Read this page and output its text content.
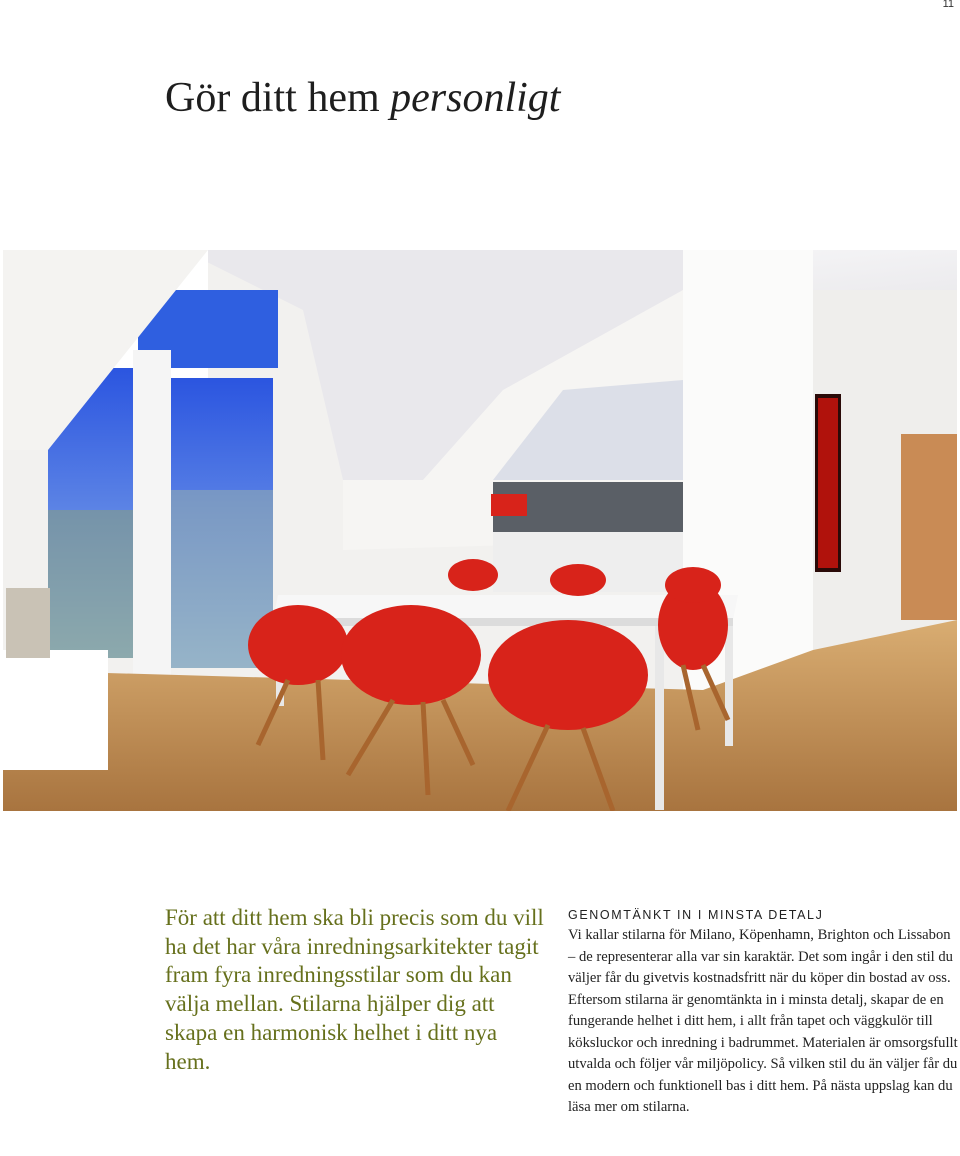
11
Gör ditt hem personligt

För att ditt hem ska bli precis som du vill ha det har våra inredningsarkitekter tagit fram fyra inredningsstilar som du kan välja mellan. Stilarna hjälper dig att skapa en harmonisk helhet i ditt nya hem.

GENOMTÄNKT IN I MINSTA DETALJ

Vi kallar stilarna för Milano, Köpenhamn, Brighton och Lissabon – de representerar alla var sin karaktär. Det som ingår i den stil du väljer får du givetvis kostnadsfritt när du köper din bostad av oss. Eftersom stilarna är genomtänkta in i minsta detalj, skapar de en fungerande helhet i ditt hem, i allt från tapet och väggkulör till köksluckor och inredning i badrummet. Materialen är omsorgsfullt utvalda och följer vår miljöpolicy. Så vilken stil du än väljer får du en modern och funktionell bas i ditt hem. På nästa uppslag kan du läsa mer om stilarna.
